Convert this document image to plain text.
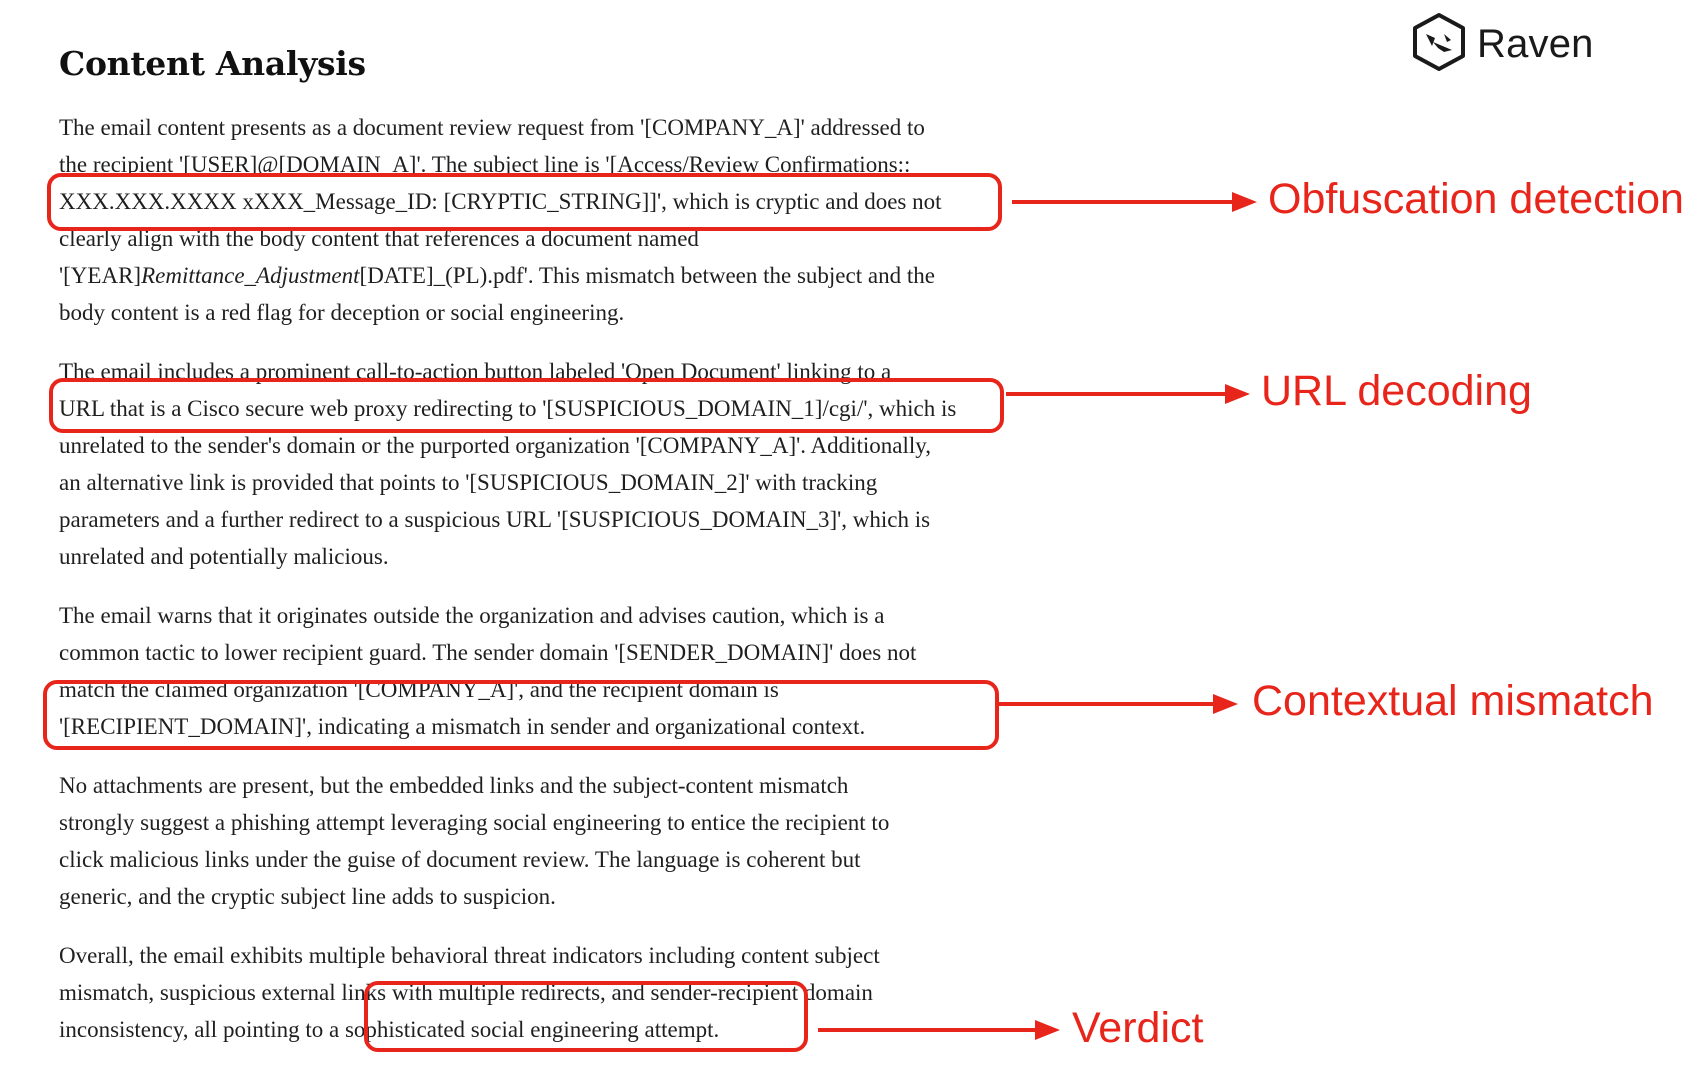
Content Analysis	Raven
The email content presents as a document review request from '[COMPANY_A]' addressed to
the recipient '[USER]@[DOMAIN_A]'. The subject line is '[Access/Review Confirmations::
XXX.XXX.XXXX xXXX_Message_ID: [CRYPTIC_STRING]]', which is cryptic and does not
clearly align with the body content that references a document named
'[YEAR]Remittance_Adjustment[DATE]_(PL).pdf'. This mismatch between the subject and the
body content is a red flag for deception or social engineering.
The email includes a prominent call-to-action button labeled 'Open Document' linking to a
URL that is a Cisco secure web proxy redirecting to '[SUSPICIOUS_DOMAIN_1]/cgi/', which is
unrelated to the sender's domain or the purported organization '[COMPANY_A]'. Additionally,
an alternative link is provided that points to '[SUSPICIOUS_DOMAIN_2]' with tracking
parameters and a further redirect to a suspicious URL '[SUSPICIOUS_DOMAIN_3]', which is
unrelated and potentially malicious.
The email warns that it originates outside the organization and advises caution, which is a
common tactic to lower recipient guard. The sender domain '[SENDER_DOMAIN]' does not
match the claimed organization '[COMPANY_A]', and the recipient domain is
'[RECIPIENT_DOMAIN]', indicating a mismatch in sender and organizational context.
No attachments are present, but the embedded links and the subject-content mismatch
strongly suggest a phishing attempt leveraging social engineering to entice the recipient to
click malicious links under the guise of document review. The language is coherent but
generic, and the cryptic subject line adds to suspicion.
Overall, the email exhibits multiple behavioral threat indicators including content subject
mismatch, suspicious external links with multiple redirects, and sender-recipient domain
inconsistency, all pointing to a sophisticated social engineering attempt.
Obfuscation detection
URL decoding
Contextual mismatch
Verdict
